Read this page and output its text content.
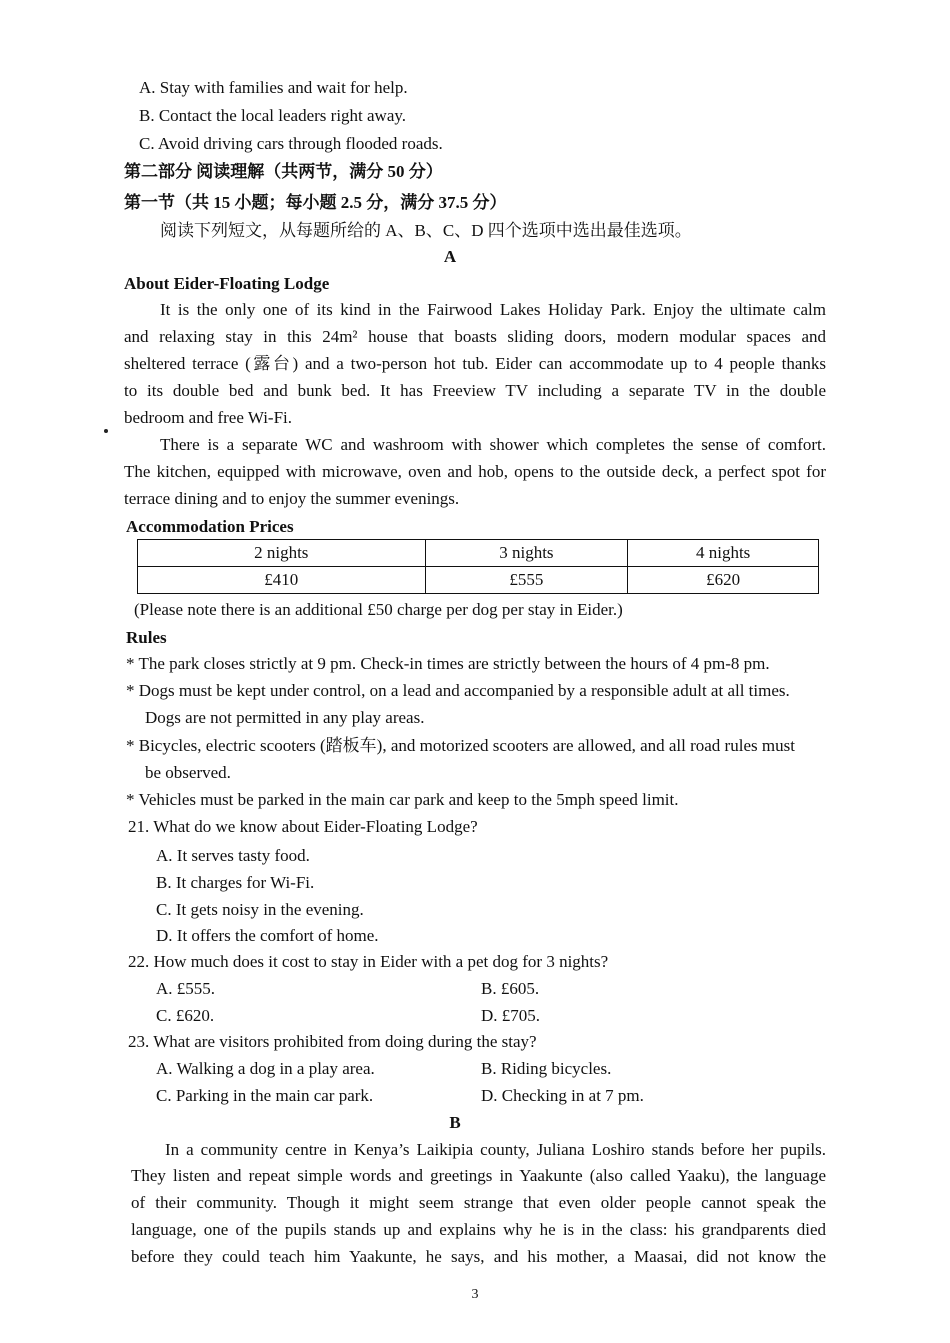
A. Stay with families and wait for help.
B. Contact the local leaders right away.
C. Avoid driving cars through flooded roads.
第二部分 阅读理解（共两节，满分 50 分）
第一节（共 15 小题；每小题 2.5 分，满分 37.5 分）
阅读下列短文，从每题所给的 A、B、C、D 四个选项中选出最佳选项。
A
About Eider-Floating Lodge
It is the only one of its kind in the Fairwood Lakes Holiday Park. Enjoy the ultimate calm
and relaxing stay in this 24m² house that boasts sliding doors, modern modular spaces and
sheltered terrace (露台) and a two-person hot tub. Eider can accommodate up to 4 people thanks
to its double bed and bunk bed. It has Freeview TV including a separate TV in the double
bedroom and free Wi-Fi.
There is a separate WC and washroom with shower which completes the sense of comfort.
The kitchen, equipped with microwave, oven and hob, opens to the outside deck, a perfect spot for
terrace dining and to enjoy the summer evenings.
Accommodation Prices
2 nights	3 nights	4 nights
£410	£555	£620
(Please note there is an additional £50 charge per dog per stay in Eider.)
Rules
* The park closes strictly at 9 pm. Check-in times are strictly between the hours of 4 pm-8 pm.
* Dogs must be kept under control, on a lead and accompanied by a responsible adult at all times.
Dogs are not permitted in any play areas.
* Bicycles, electric scooters (踏板车), and motorized scooters are allowed, and all road rules must
be observed.
* Vehicles must be parked in the main car park and keep to the 5mph speed limit.
21. What do we know about Eider-Floating Lodge?
A. It serves tasty food.
B. It charges for Wi-Fi.
C. It gets noisy in the evening.
D. It offers the comfort of home.
22. How much does it cost to stay in Eider with a pet dog for 3 nights?
A. £555.	B. £605.
C. £620.	D. £705.
23. What are visitors prohibited from doing during the stay?
A. Walking a dog in a play area.	B. Riding bicycles.
C. Parking in the main car park.	D. Checking in at 7 pm.
B
In a community centre in Kenya’s Laikipia county, Juliana Loshiro stands before her pupils.
They listen and repeat simple words and greetings in Yaakunte (also called Yaaku), the language
of their community. Though it might seem strange that even older people cannot speak the
language, one of the pupils stands up and explains why he is in the class: his grandparents died
before they could teach him Yaakunte, he says, and his mother, a Maasai, did not know the
3
